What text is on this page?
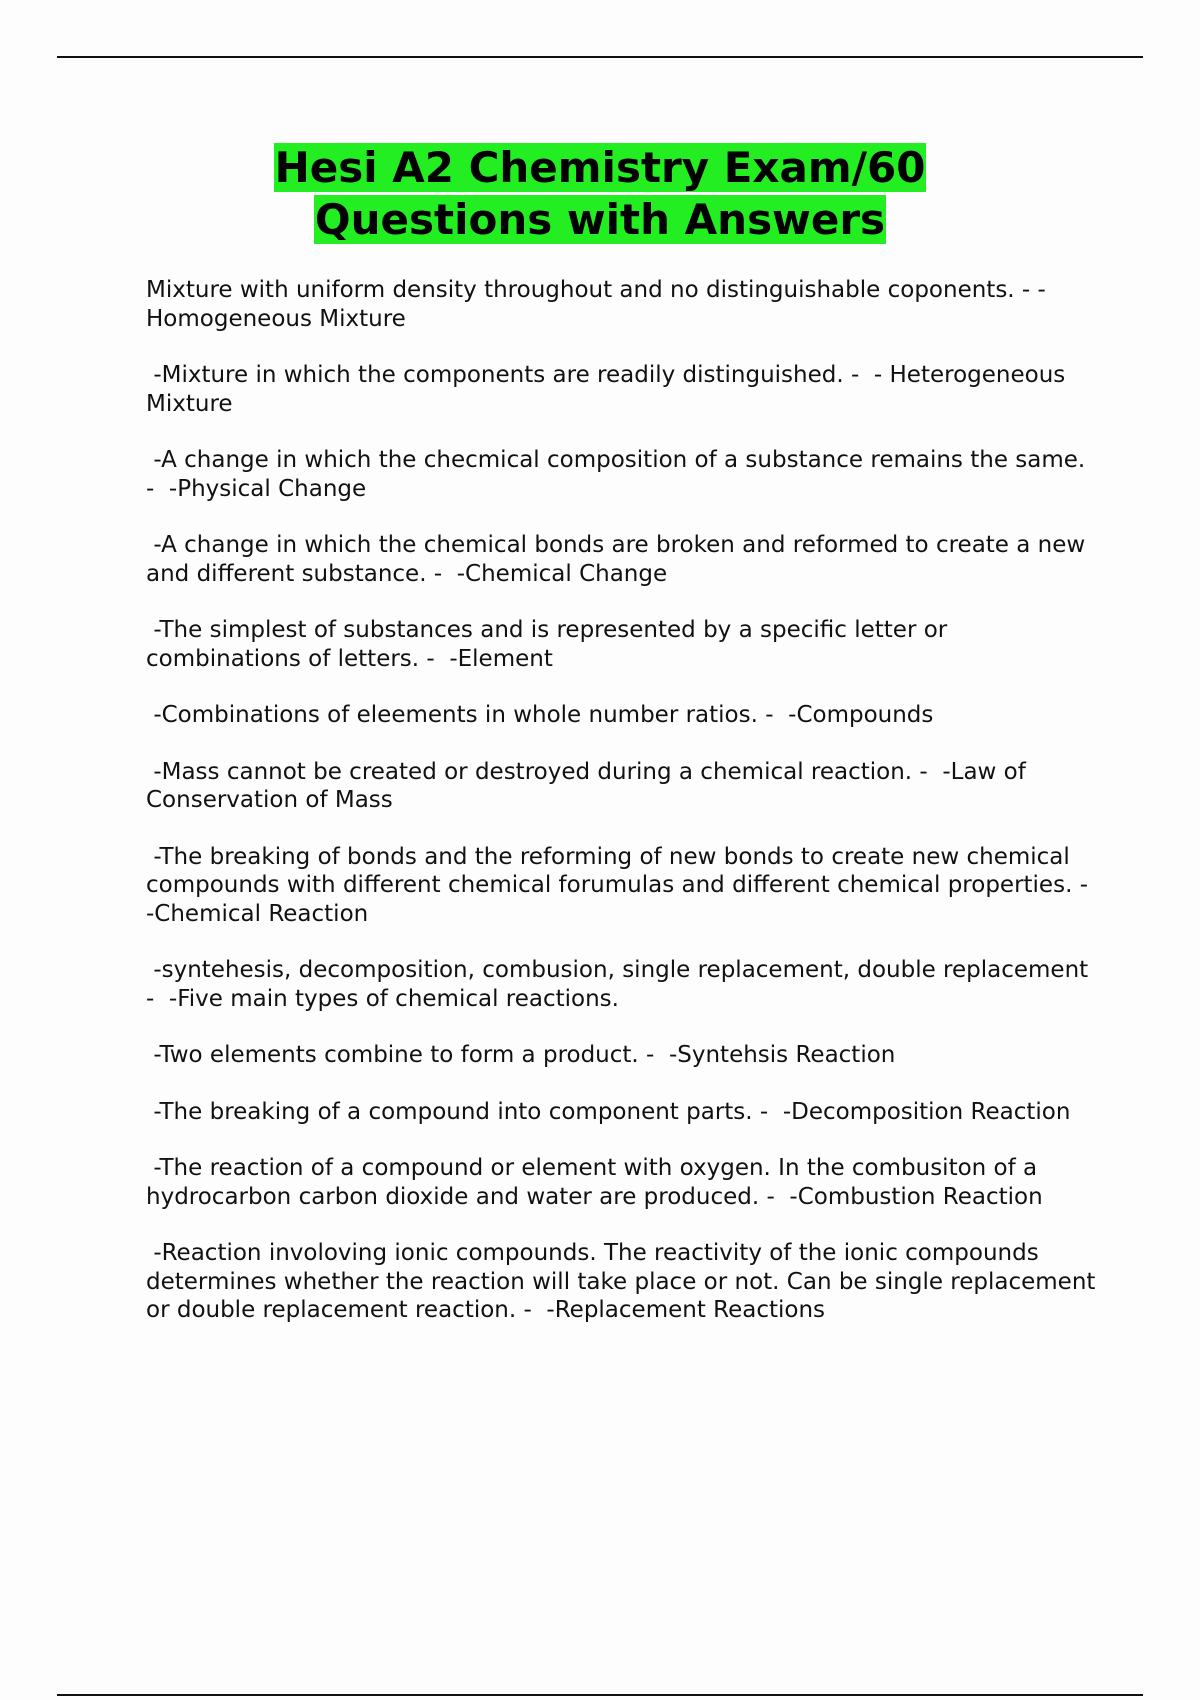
Hesi A2 Chemistry Exam/60
Questions with Answers
Mixture with uniform density throughout and no distinguishable coponents. - -Homogeneous Mixture
-Mixture in which the components are readily distinguished. -  - Heterogeneous Mixture
-A change in which the checmical composition of a substance remains the same. -  -Physical Change
-A change in which the chemical bonds are broken and reformed to create a new and different substance. -  -Chemical Change
-The simplest of substances and is represented by a specific letter or combinations of letters. -  -Element
-Combinations of eleements in whole number ratios. -  -Compounds
-Mass cannot be created or destroyed during a chemical reaction. -  -Law of Conservation of Mass
-The breaking of bonds and the reforming of new bonds to create new chemical compounds with different chemical forumulas and different chemical properties. -  -Chemical Reaction
-syntehesis, decomposition, combusion, single replacement, double replacement -  -Five main types of chemical reactions.
-Two elements combine to form a product. -  -Syntehsis Reaction
-The breaking of a compound into component parts. -  -Decomposition Reaction
-The reaction of a compound or element with oxygen. In the combusiton of a hydrocarbon carbon dioxide and water are produced. -  -Combustion Reaction
-Reaction involoving ionic compounds. The reactivity of the ionic compounds determines whether the reaction will take place or not. Can be single replacement or double replacement reaction. -  -Replacement Reactions
